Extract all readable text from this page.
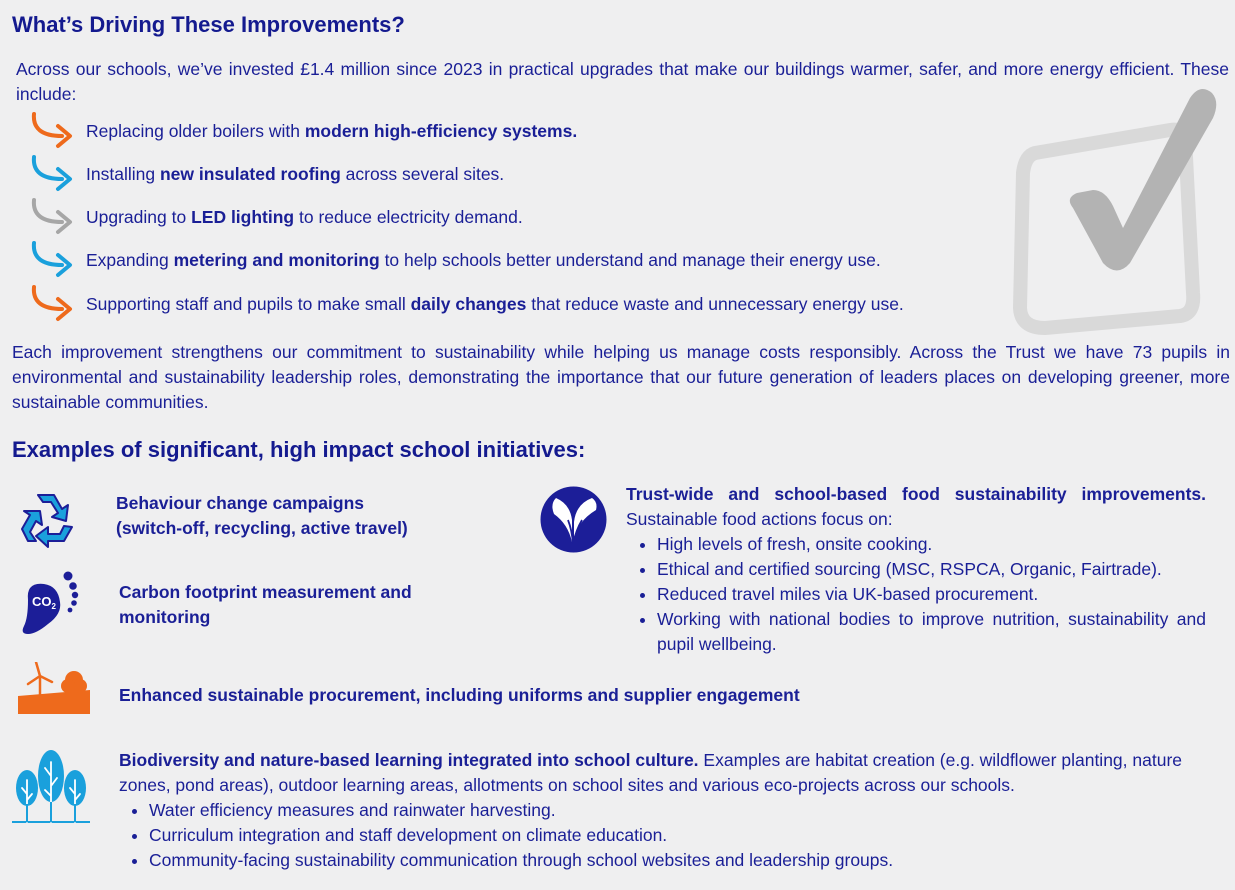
What’s Driving These Improvements?
Across our schools, we’ve invested £1.4 million since 2023 in practical upgrades that make our buildings warmer, safer, and more energy efficient. These include:
Replacing older boilers with modern high-efficiency systems.
Installing new insulated roofing across several sites.
Upgrading to LED lighting to reduce electricity demand.
Expanding metering and monitoring to help schools better understand and manage their energy use.
Supporting staff and pupils to make small daily changes that reduce waste and unnecessary energy use.
Each improvement strengthens our commitment to sustainability while helping us manage costs responsibly. Across the Trust we have 73 pupils in environmental and sustainability leadership roles, demonstrating the importance that our future generation of leaders places on developing greener, more sustainable communities.
Examples of significant, high impact school initiatives:
Behaviour change campaigns
(switch-off, recycling, active travel)
$CO_2$
Carbon footprint measurement and
monitoring
Enhanced sustainable procurement, including uniforms and supplier engagement
Trust-wide and school-based food sustainability improvements.
Sustainable food actions focus on:
• High levels of fresh, onsite cooking.
• Ethical and certified sourcing (MSC, RSPCA, Organic, Fairtrade).
• Reduced travel miles via UK-based procurement.
• Working with national bodies to improve nutrition, sustainability and pupil wellbeing.
Biodiversity and nature-based learning integrated into school culture. Examples are habitat creation (e.g. wildflower planting, nature zones, pond areas), outdoor learning areas, allotments on school sites and various eco-projects across our schools.
• Water efficiency measures and rainwater harvesting.
• Curriculum integration and staff development on climate education.
• Community-facing sustainability communication through school websites and leadership groups.
